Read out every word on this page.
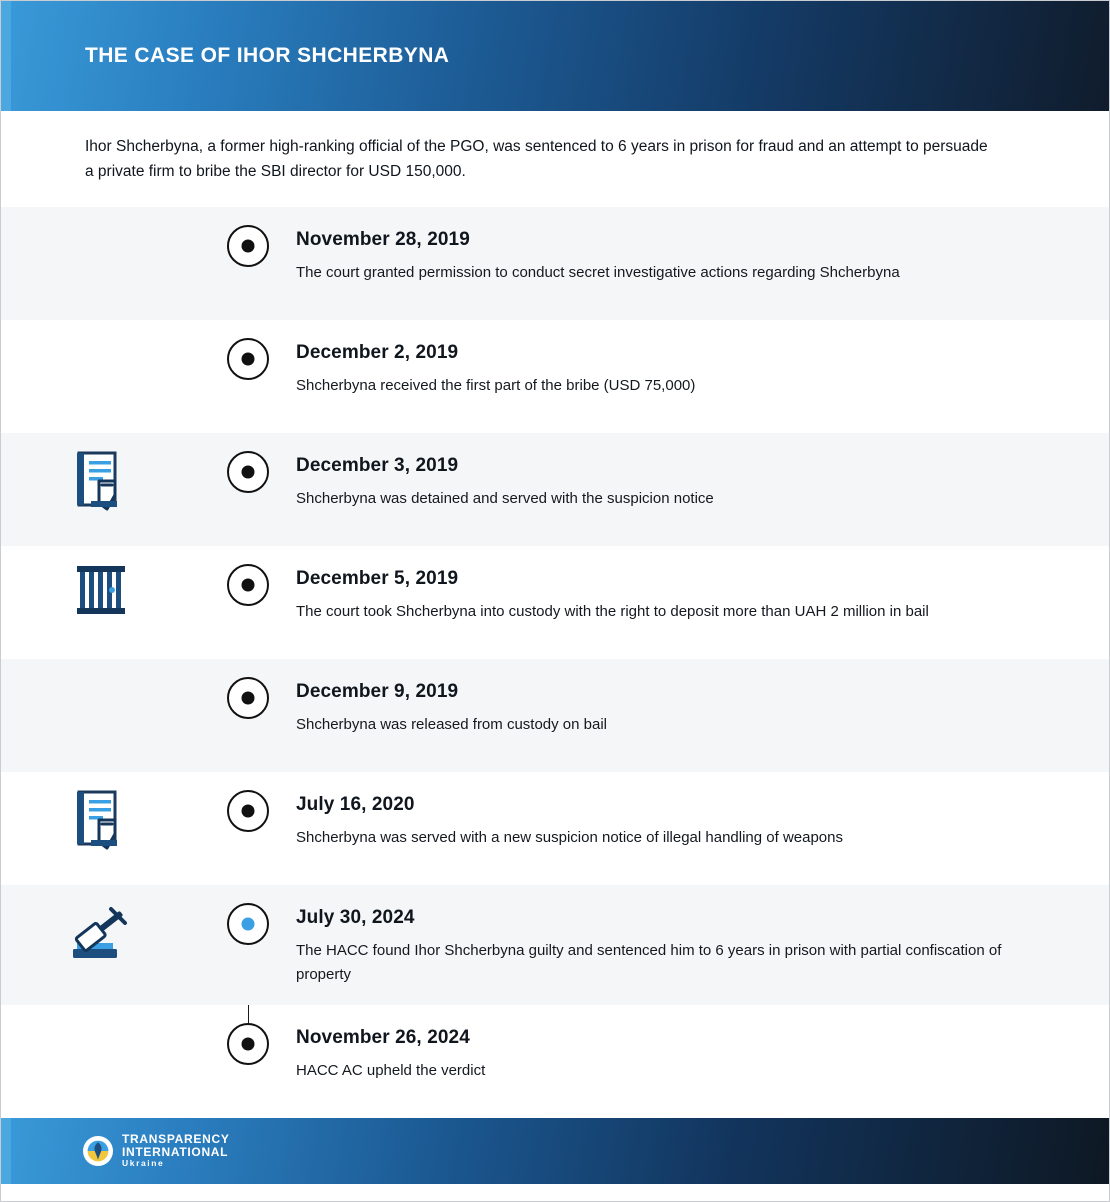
THE CASE OF IHOR SHCHERBYNA

Ihor Shcherbyna, a former high-ranking official of the PGO, was sentenced to 6 years in prison for fraud and an attempt to persuade a private firm to bribe the SBI director for USD 150,000.

November 28, 2019

The court granted permission to conduct secret investigative actions regarding Shcherbyna

December 2, 2019

Shcherbyna received the first part of the bribe (USD 75,000)

December 3, 2019

Shcherbyna was detained and served with the suspicion notice

December 5, 2019

The court took Shcherbyna into custody with the right to deposit more than UAH 2 million in bail

December 9, 2019

Shcherbyna was released from custody on bail

July 16, 2020

Shcherbyna was served with a new suspicion notice of illegal handling of weapons

July 30, 2024

The HACC found Ihor Shcherbyna guilty and sentenced him to 6 years in prison with partial confiscation of property

November 26, 2024

HACC AC upheld the verdict

TRANSPARENCY
INTERNATIONAL
Ukraine
